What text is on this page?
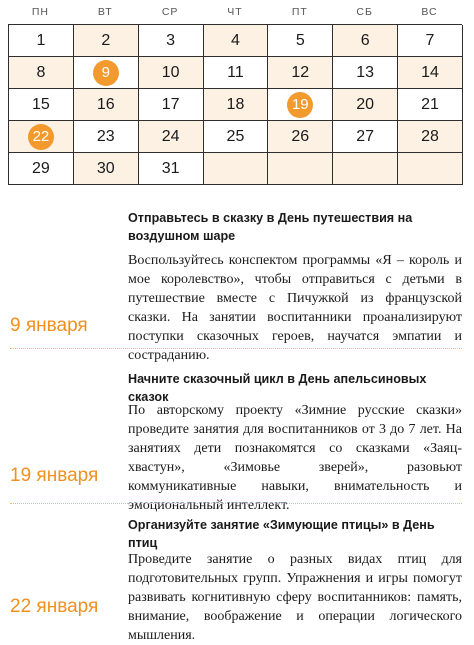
ПН	ВТ	СР	ЧТ	ПТ	СБ	ВС
1	2	3	4	5	6	7
8	9	10	11	12	13	14
15	16	17	18	19	20	21
22	23	24	25	26	27	28
29	30	31
Отправьтесь в сказку в День путешествия на воздушном шаре
Воспользуйтесь конспектом программы «Я – король и мое королевство», чтобы отправиться с детьми в путешествие вместе с Пичужкой из французской сказки. На занятии воспитанники проанализируют поступки сказочных героев, научатся эмпатии и состраданию.
9 января
Начните сказочный цикл в День апельсиновых сказок
По авторскому проекту «Зимние русские сказки» проведите занятия для воспитанников от 3 до 7 лет. На занятиях дети познакомятся со сказками «Заяц-хвастун», «Зимовье зверей», разовьют коммуникативные навыки, внимательность и эмоциональный интеллект.
19 января
Организуйте занятие «Зимующие птицы» в День птиц
Проведите занятие о разных видах птиц для подготовительных групп. Упражнения и игры помогут развивать когнитивную сферу воспитанников: память, внимание, воображение и операции логического мышления.
22 января
